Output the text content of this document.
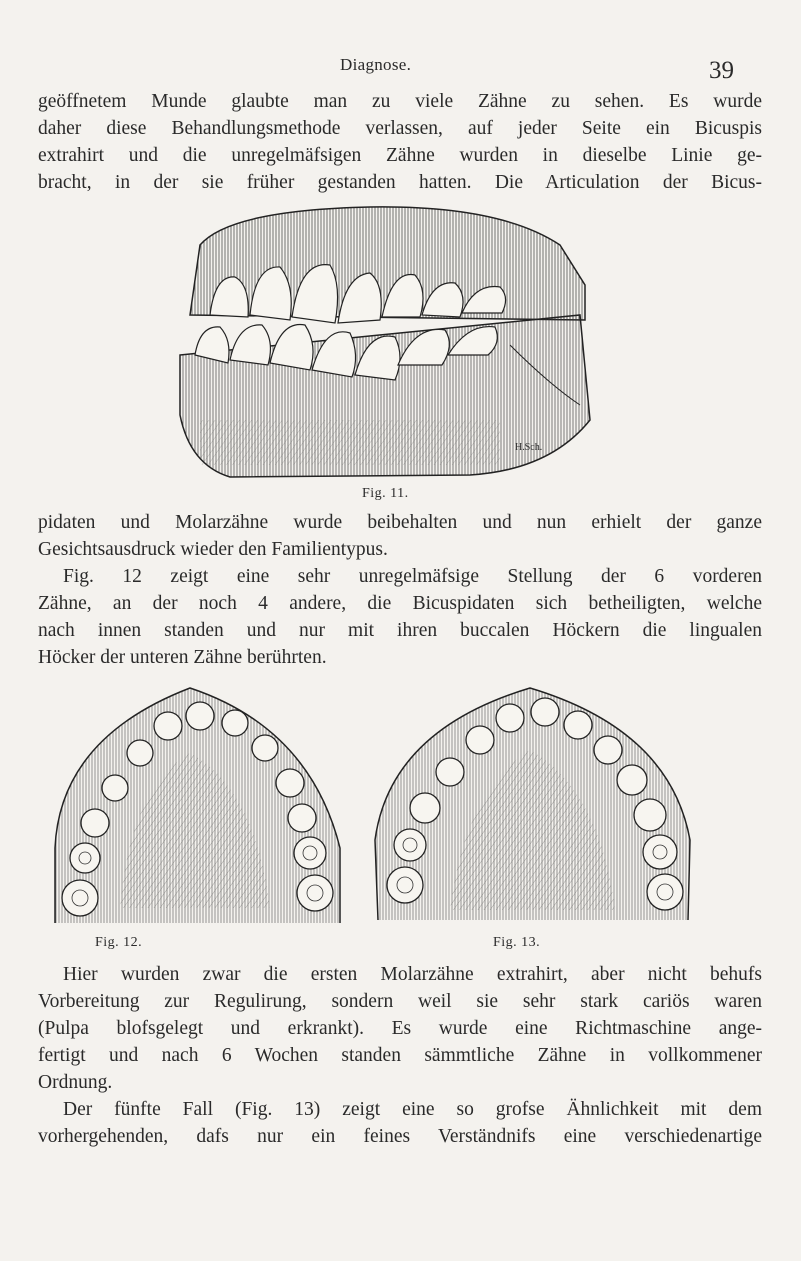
Diagnose.	39
geöffnetem Munde glaubte man zu viele Zähne zu sehen. Es wurde
daher diese Behandlungsmethode verlassen, auf jeder Seite ein Bicuspis
extrahirt und die unregelmäfsigen Zähne wurden in dieselbe Linie ge-
bracht, in der sie früher gestanden hatten. Die Articulation der Bicus-
H.Sch.
Fig. 11.
pidaten und Molarzähne wurde beibehalten und nun erhielt der ganze
Gesichtsausdruck wieder den Familientypus.
Fig. 12 zeigt eine sehr unregelmäfsige Stellung der 6 vorderen
Zähne, an der noch 4 andere, die Bicuspidaten sich betheiligten, welche
nach innen standen und nur mit ihren buccalen Höckern die lingualen
Höcker der unteren Zähne berührten.
Fig. 12.	Fig. 13.
Hier wurden zwar die ersten Molarzähne extrahirt, aber nicht behufs
Vorbereitung zur Regulirung, sondern weil sie sehr stark cariös waren
(Pulpa blofsgelegt und erkrankt). Es wurde eine Richtmaschine ange-
fertigt und nach 6 Wochen standen sämmtliche Zähne in vollkommener
Ordnung.
Der fünfte Fall (Fig. 13) zeigt eine so grofse Ähnlichkeit mit dem
vorhergehenden, dafs nur ein feines Verständnifs eine verschiedenartige
